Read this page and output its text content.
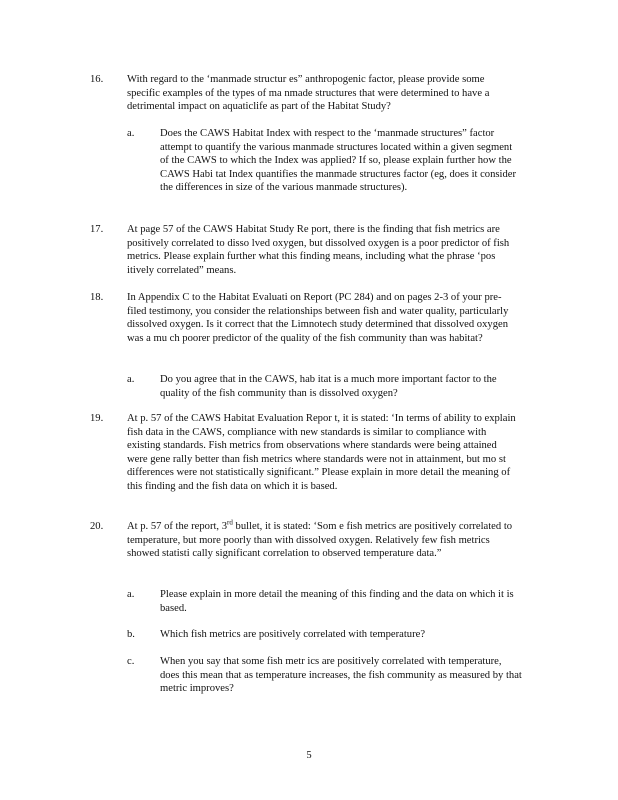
16. With regard to the ‘manmade structur es” anthropogenic factor, please provide some specific examples of the types of ma nmade structures that were determined to have a detrimental impact on aquaticlife as part of the Habitat Study?
a. Does the CAWS Habitat Index with respect to the ‘manmade structures” factor attempt to quantify the various manmade structures located within a given segment of the CAWS to which the Index was applied? If so, please explain further how the CAWS Habi tat Index quantifies the manmade structures factor (eg, does it consider the differences in size of the various manmade structures).
17. At page 57 of the CAWS Habitat Study Re port, there is the finding that fish metrics are positively correlated to disso lved oxygen, but dissolved oxygen is a poor predictor of fish metrics. Please explain further what this finding means, including what the phrase ‘pos itively correlated” means.
18. In Appendix C to the Habitat Evaluati on Report (PC 284) and on pages 2-3 of your pre-filed testimony, you consider the relationships between fish and water quality, particularly dissolved oxygen. Is it correct that the Limnotech study determined that dissolved oxygen was a mu ch poorer predictor of the quality of the fish community than was habitat?
a. Do you agree that in the CAWS, hab itat is a much more important factor to the quality of the fish community than is dissolved oxygen?
19. At p. 57 of the CAWS Habitat Evaluation Repor t, it is stated: ‘In terms of ability to explain fish data in the CAWS, compliance with new standards is similar to compliance with existing standards. Fish metrics from observations where standards were being attained were gene rally better than fish metrics where standards were not in attainment, but mo st differences were not statistically significant.” Please explain in more detail the meaning of this finding and the fish data on which it is based.
20. At p. 57 of the report, 3rd bullet, it is stated: ‘Som e fish metrics are positively correlated to temperature, but more poorly than with dissolved oxygen. Relatively few fish metrics showed statisti cally significant correlation to observed temperature data.”
a. Please explain in more detail the meaning of this finding and the data on which it is based.
b. Which fish metrics are positively correlated with temperature?
c. When you say that some fish metr ics are positively correlated with temperature, does this mean that as temperature increases, the fish community as measured by that metric improves?
5
